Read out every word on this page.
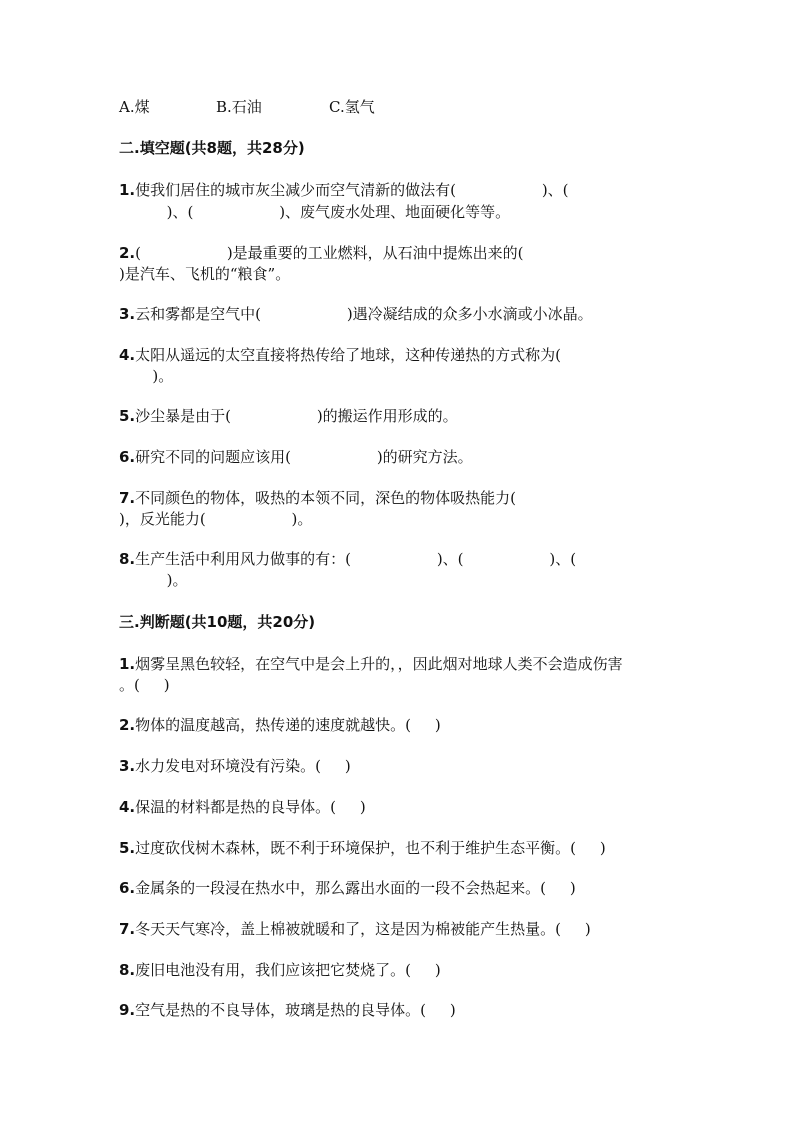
A.煤	B.石油	C.氢气
二.填空题(共8题，共28分)
1.使我们居住的城市灰尘减少而空气清新的做法有(                  )、(
)、(                  )、废气废水处理、地面硬化等等。
2.(                  )是最重要的工业燃料，从石油中提炼出来的(
)是汽车、飞机的“粮食”。
3.云和雾都是空气中(                  )遇冷凝结成的众多小水滴或小冰晶。
4.太阳从遥远的太空直接将热传给了地球，这种传递热的方式称为(
)。
5.沙尘暴是由于(                  )的搬运作用形成的。
6.研究不同的问题应该用(                  )的研究方法。
7.不同颜色的物体，吸热的本领不同，深色的物体吸热能力(
)，反光能力(                  )。
8.生产生活中利用风力做事的有：(                  )、(                  )、(
)。
三.判断题(共10题，共20分)
1.烟雾呈黑色较轻，在空气中是会上升的，，因此烟对地球人类不会造成伤害
。(     )
2.物体的温度越高，热传递的速度就越快。(     )
3.水力发电对环境没有污染。(     )
4.保温的材料都是热的良导体。(     )
5.过度砍伐树木森林，既不利于环境保护，也不利于维护生态平衡。(     )
6.金属条的一段浸在热水中，那么露出水面的一段不会热起来。(     )
7.冬天天气寒冷，盖上棉被就暖和了，这是因为棉被能产生热量。(     )
8.废旧电池没有用，我们应该把它焚烧了。(     )
9.空气是热的不良导体，玻璃是热的良导体。(     )
